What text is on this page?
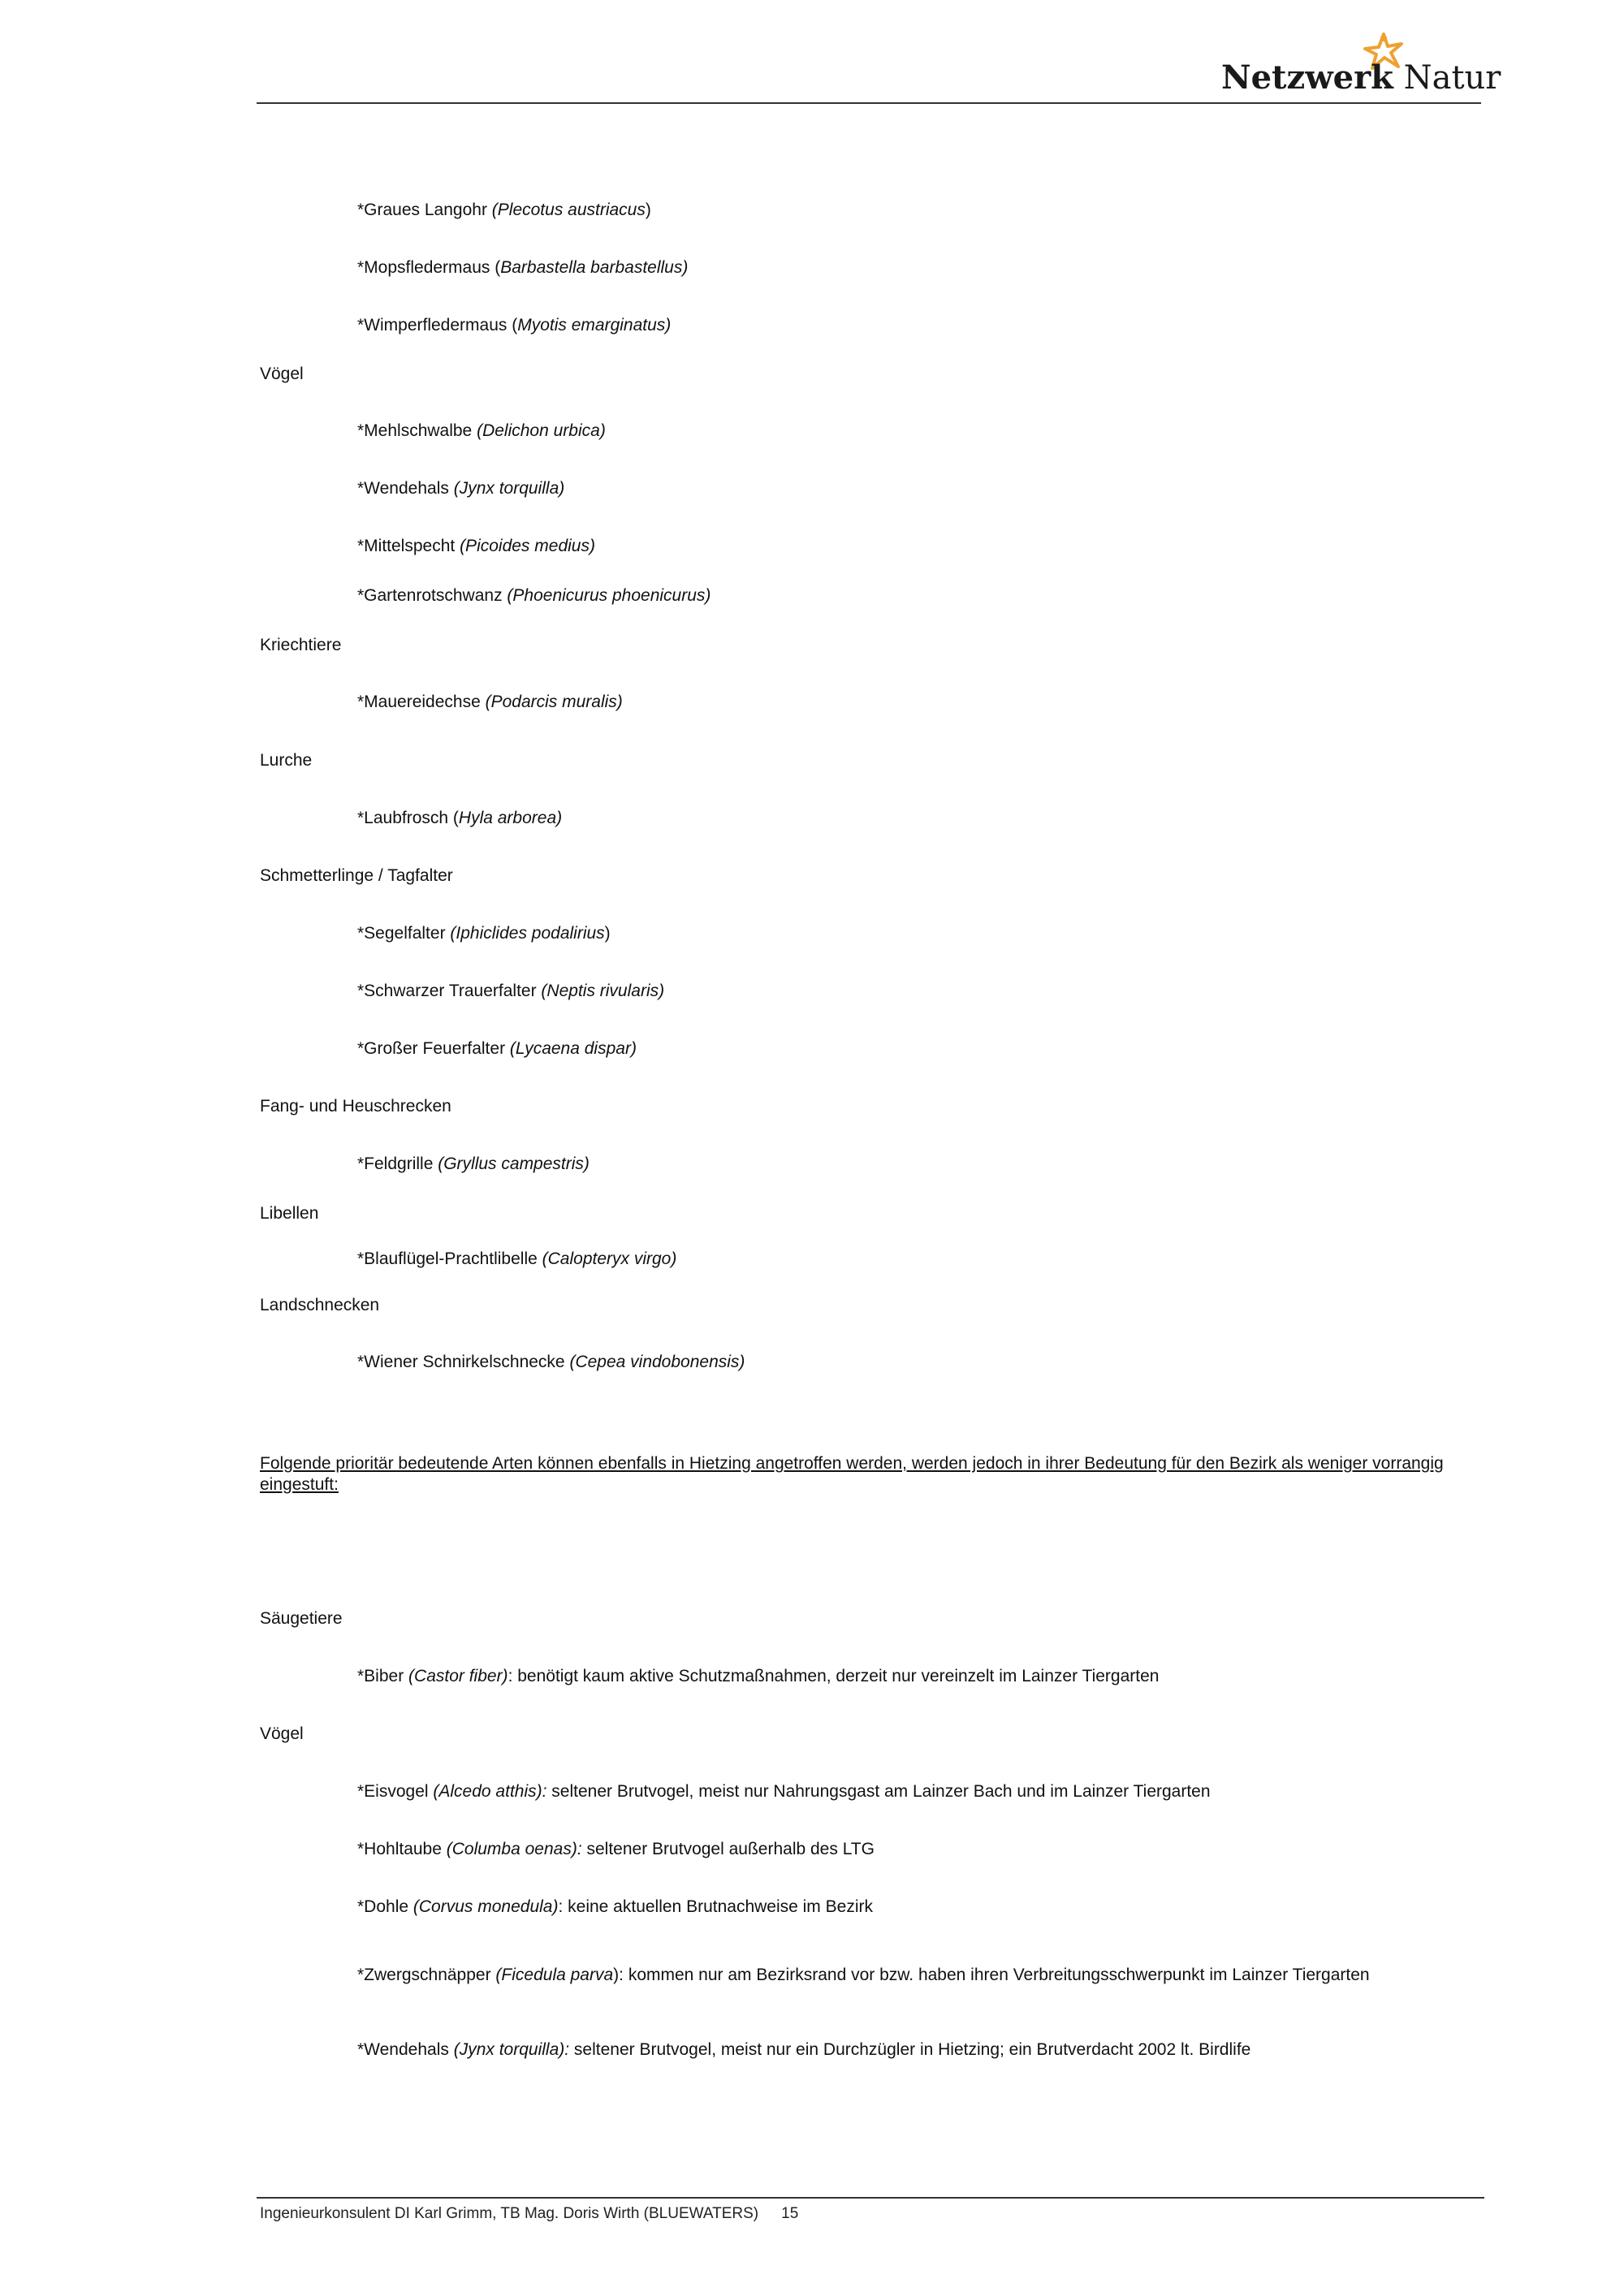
Netzwerk Natur
*Graues Langohr (Plecotus austriacus)
*Mopsfledermaus (Barbastella barbastellus)
*Wimperfledermaus (Myotis emarginatus)
Vögel
*Mehlschwalbe (Delichon urbica)
*Wendehals (Jynx torquilla)
*Mittelspecht (Picoides medius)
*Gartenrotschwanz (Phoenicurus phoenicurus)
Kriechtiere
*Mauereidechse (Podarcis muralis)
Lurche
*Laubfrosch (Hyla arborea)
Schmetterlinge / Tagfalter
*Segelfalter (Iphiclides podalirius)
*Schwarzer Trauerfalter (Neptis rivularis)
*Großer Feuerfalter (Lycaena dispar)
Fang- und Heuschrecken
*Feldgrille (Gryllus campestris)
Libellen
*Blauflügel-Prachtlibelle (Calopteryx virgo)
Landschnecken
*Wiener Schnirkelschnecke (Cepea vindobonensis)
Folgende prioritär bedeutende Arten können ebenfalls in Hietzing angetroffen werden, werden jedoch in ihrer Bedeutung für den Bezirk als weniger vorrangig eingestuft:
Säugetiere
*Biber (Castor fiber): benötigt kaum aktive Schutzmaßnahmen, derzeit nur vereinzelt im Lainzer Tiergarten
Vögel
*Eisvogel (Alcedo atthis): seltener Brutvogel, meist nur Nahrungsgast am Lainzer Bach und im Lainzer Tiergarten
*Hohltaube (Columba oenas): seltener Brutvogel außerhalb des LTG
*Dohle (Corvus monedula): keine aktuellen Brutnachweise im Bezirk
*Zwergschnäpper (Ficedula parva): kommen nur am Bezirksrand vor bzw. haben ihren Verbreitungsschwerpunkt im Lainzer Tiergarten
*Wendehals (Jynx torquilla): seltener Brutvogel, meist nur ein Durchzügler in Hietzing; ein Brutverdacht 2002 lt. Birdlife
Ingenieurkonsulent DI Karl Grimm, TB Mag. Doris Wirth (BLUEWATERS) 15
